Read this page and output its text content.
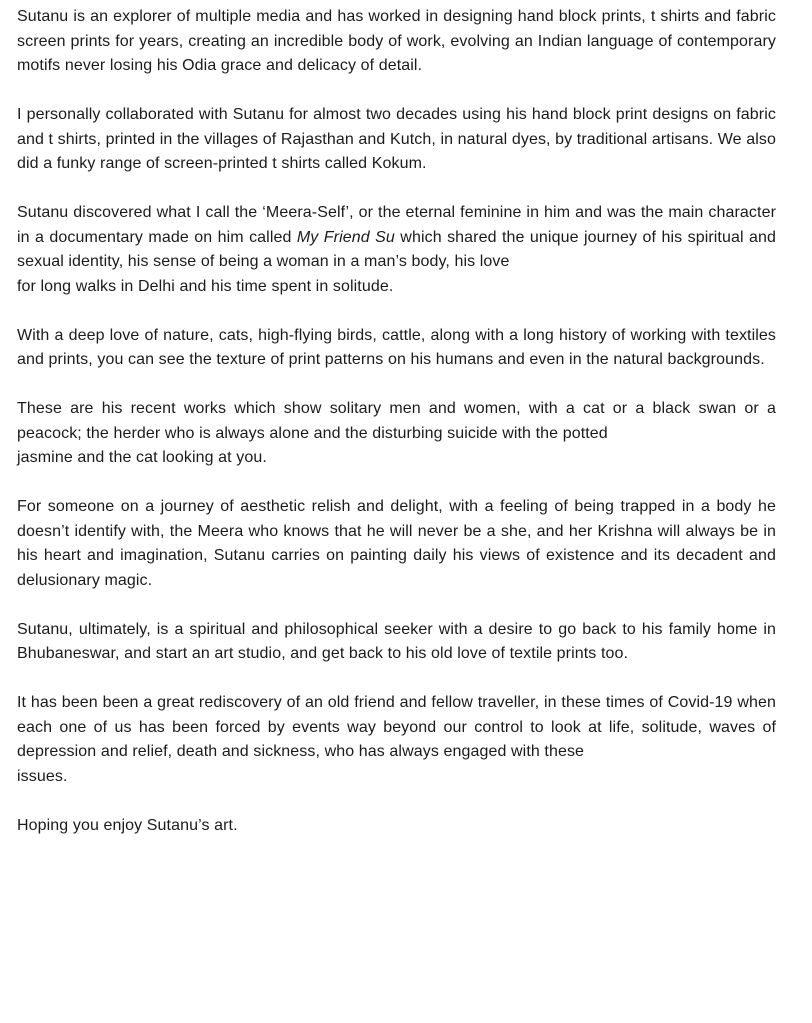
Sutanu is an explorer of multiple media and has worked in designing hand block prints, t shirts and fabric screen prints for years, creating an incredible body of work, evolving an Indian language of contemporary motifs never losing his Odia grace and delicacy of detail.

I personally collaborated with Sutanu for almost two decades using his hand block print designs on fabric and t shirts, printed in the villages of Rajasthan and Kutch, in natural dyes, by traditional artisans. We also did a funky range of screen-printed t shirts called Kokum.

Sutanu discovered what I call the ‘Meera-Self’, or the eternal feminine in him and was the main character in a documentary made on him called My Friend Su which shared the unique journey of his spiritual and sexual identity, his sense of being a woman in a man’s body, his love
for long walks in Delhi and his time spent in solitude.

With a deep love of nature, cats, high-flying birds, cattle, along with a long history of working with textiles and prints, you can see the texture of print patterns on his humans and even in the natural backgrounds.

These are his recent works which show solitary men and women, with a cat or a black swan or a peacock; the herder who is always alone and the disturbing suicide with the potted
jasmine and the cat looking at you.

For someone on a journey of aesthetic relish and delight, with a feeling of being trapped in a body he doesn’t identify with, the Meera who knows that he will never be a she, and her Krishna will always be in his heart and imagination, Sutanu carries on painting daily his views of existence and its decadent and delusionary magic.

Sutanu, ultimately, is a spiritual and philosophical seeker with a desire to go back to his family home in Bhubaneswar, and start an art studio, and get back to his old love of textile prints too.

It has been been a great rediscovery of an old friend and fellow traveller, in these times of Covid-19 when each one of us has been forced by events way beyond our control to look at life, solitude, waves of depression and relief, death and sickness, who has always engaged with these
issues.

Hoping you enjoy Sutanu’s art.
